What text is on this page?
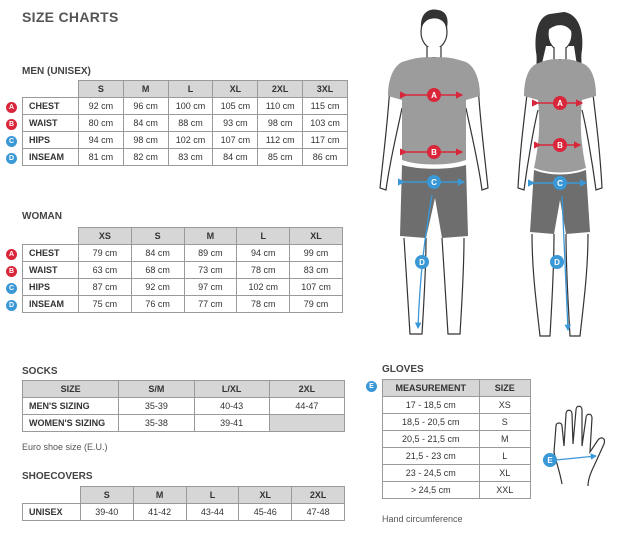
SIZE CHARTS
MEN (UNISEX)
A
B
C
D
	S	M	L	XL	2XL	3XL
CHEST	92 cm	96 cm	100 cm	105 cm	110 cm	115 cm
WAIST	80 cm	84 cm	88 cm	93 cm	98 cm	103 cm
HIPS	94 cm	98 cm	102 cm	107 cm	112 cm	117 cm
INSEAM	81 cm	82 cm	83 cm	84 cm	85 cm	86 cm
WOMAN
A
B
C
D
	XS	S	M	L	XL
CHEST	79 cm	84 cm	89 cm	94 cm	99 cm
WAIST	63 cm	68 cm	73 cm	78 cm	83 cm
HIPS	87 cm	92 cm	97 cm	102 cm	107 cm
INSEAM	75 cm	76 cm	77 cm	78 cm	79 cm
SOCKS
SIZE	S/M	L/XL	2XL
MEN'S SIZING	35-39	40-43	44-47
WOMEN'S SIZING	35-38	39-41	
Euro shoe size (E.U.)
SHOECOVERS
	S	M	L	XL	2XL
UNISEX	39-40	41-42	43-44	45-46	47-48
GLOVES
E	MEASUREMENT	SIZE
17 - 18,5 cm	XS
18,5 - 20,5 cm	S
20,5 - 21,5 cm	M
21,5 - 23 cm	L
23 - 24,5 cm	XL
> 24,5 cm	XXL
Hand circumference
A
B
C
D
A
B
C
D
E
